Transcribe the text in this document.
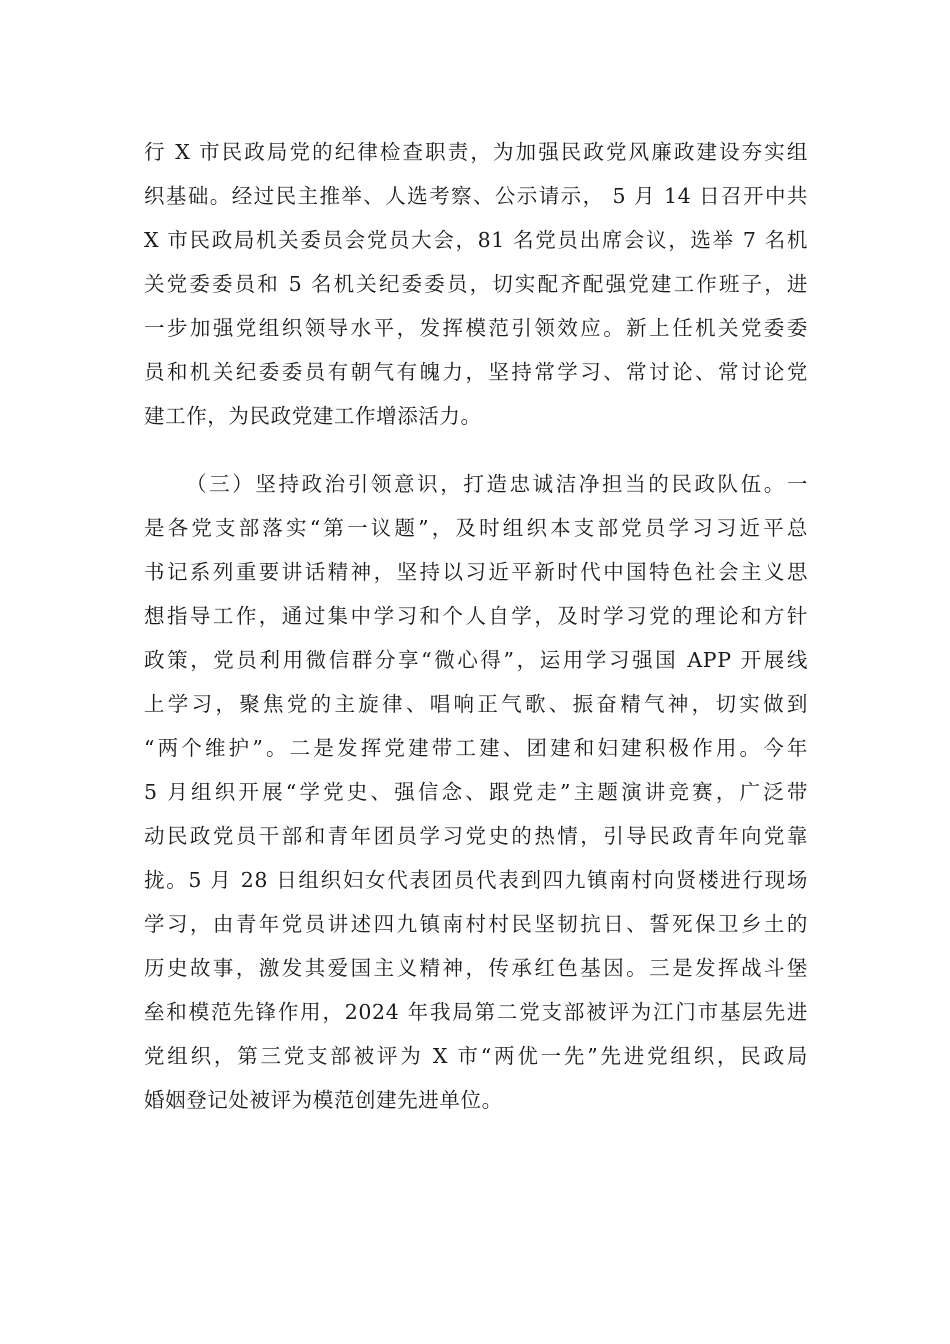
行 X 市民政局党的纪律检查职责，为加强民政党风廉政建设夯实组
织基础。经过民主推举、人选考察、公示请示， 5 月 14 日召开中共
X 市民政局机关委员会党员大会，81 名党员出席会议，选举 7 名机
关党委委员和 5 名机关纪委委员，切实配齐配强党建工作班子，进
一步加强党组织领导水平，发挥模范引领效应。新上任机关党委委
员和机关纪委委员有朝气有魄力，坚持常学习、常讨论、常讨论党
建工作，为民政党建工作增添活力。
（三）坚持政治引领意识，打造忠诚洁净担当的民政队伍。一
是各党支部落实“第一议题”，及时组织本支部党员学习习近平总
书记系列重要讲话精神，坚持以习近平新时代中国特色社会主义思
想指导工作，通过集中学习和个人自学，及时学习党的理论和方针
政策，党员利用微信群分享“微心得”，运用学习强国 APP 开展线
上学习，聚焦党的主旋律、唱响正气歌、振奋精气神，切实做到
“两个维护”。二是发挥党建带工建、团建和妇建积极作用。今年
5 月组织开展“学党史、强信念、跟党走”主题演讲竞赛，广泛带
动民政党员干部和青年团员学习党史的热情，引导民政青年向党靠
拢。5 月 28 日组织妇女代表团员代表到四九镇南村向贤楼进行现场
学习，由青年党员讲述四九镇南村村民坚韧抗日、誓死保卫乡土的
历史故事，激发其爱国主义精神，传承红色基因。三是发挥战斗堡
垒和模范先锋作用，2024 年我局第二党支部被评为江门市基层先进
党组织，第三党支部被评为 X 市“两优一先”先进党组织，民政局
婚姻登记处被评为模范创建先进单位。
